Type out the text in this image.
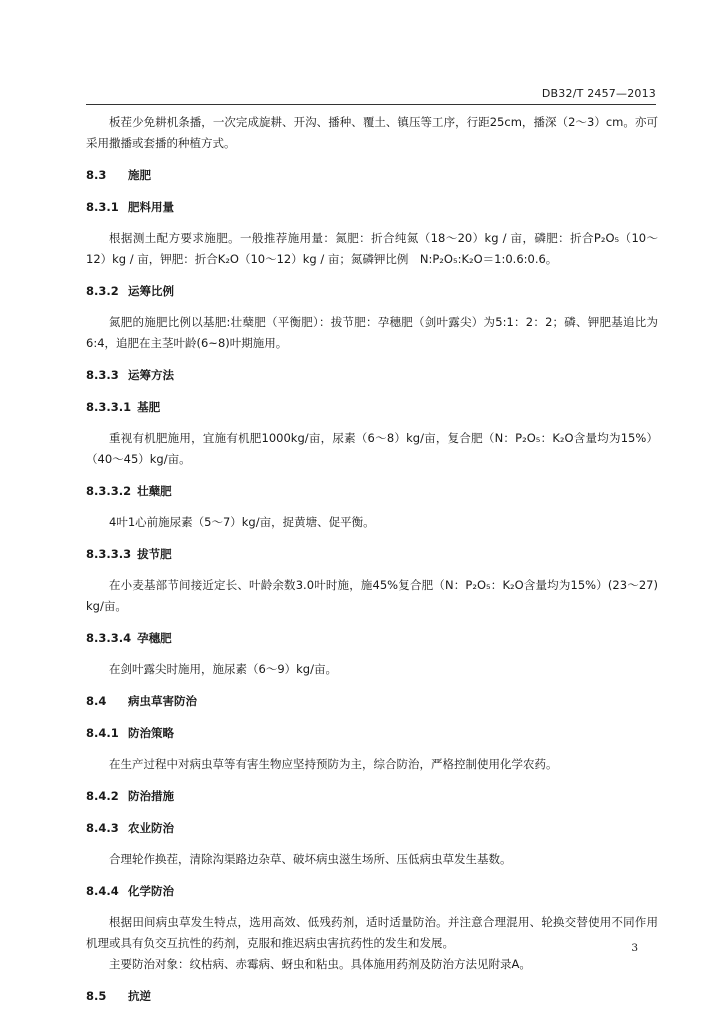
DB32/T 2457—2013

板茬少免耕机条播，一次完成旋耕、开沟、播种、覆土、镇压等工序，行距25cm，播深（2～3）cm。亦可采用撒播或套播的种植方式。

8.3 施肥
8.3.1 肥料用量

根据测土配方要求施肥。一般推荐施用量：氮肥：折合纯氮（18～20）kg / 亩，磷肥：折合P₂O₅（10～12）kg / 亩，钾肥：折合K₂O（10～12）kg / 亩；氮磷钾比例　N:P₂O₅:K₂O＝1:0.6:0.6。

8.3.2 运筹比例

氮肥的施肥比例以基肥:壮蘖肥（平衡肥）：拔节肥：孕穗肥（剑叶露尖）为5:1：2：2；磷、钾肥基追比为6:4，追肥在主茎叶龄(6~8)叶期施用。

8.3.3 运筹方法
8.3.3.1 基肥

重视有机肥施用，宜施有机肥1000kg/亩，尿素（6～8）kg/亩，复合肥（N：P₂O₅：K₂O含量均为15%）（40～45）kg/亩。

8.3.3.2 壮蘖肥

4叶1心前施尿素（5～7）kg/亩，捉黄塘、促平衡。

8.3.3.3 拔节肥

在小麦基部节间接近定长、叶龄余数3.0叶时施，施45%复合肥（N：P₂O₅：K₂O含量均为15%）(23～27) kg/亩。

8.3.3.4 孕穗肥

在剑叶露尖时施用，施尿素（6～9）kg/亩。

8.4 病虫草害防治
8.4.1 防治策略

在生产过程中对病虫草等有害生物应坚持预防为主，综合防治，严格控制使用化学农药。

8.4.2 防治措施
8.4.3 农业防治

合理轮作换茬，清除沟渠路边杂草、破坏病虫滋生场所、压低病虫草发生基数。

8.4.4 化学防治

根据田间病虫草发生特点，选用高效、低残药剂，适时适量防治。并注意合理混用、轮换交替使用不同作用机理或具有负交互抗性的药剂，克服和推迟病虫害抗药性的发生和发展。

主要防治对象：纹枯病、赤霉病、蚜虫和粘虫。具体施用药剂及防治方法见附录A。

8.5 抗逆
3
